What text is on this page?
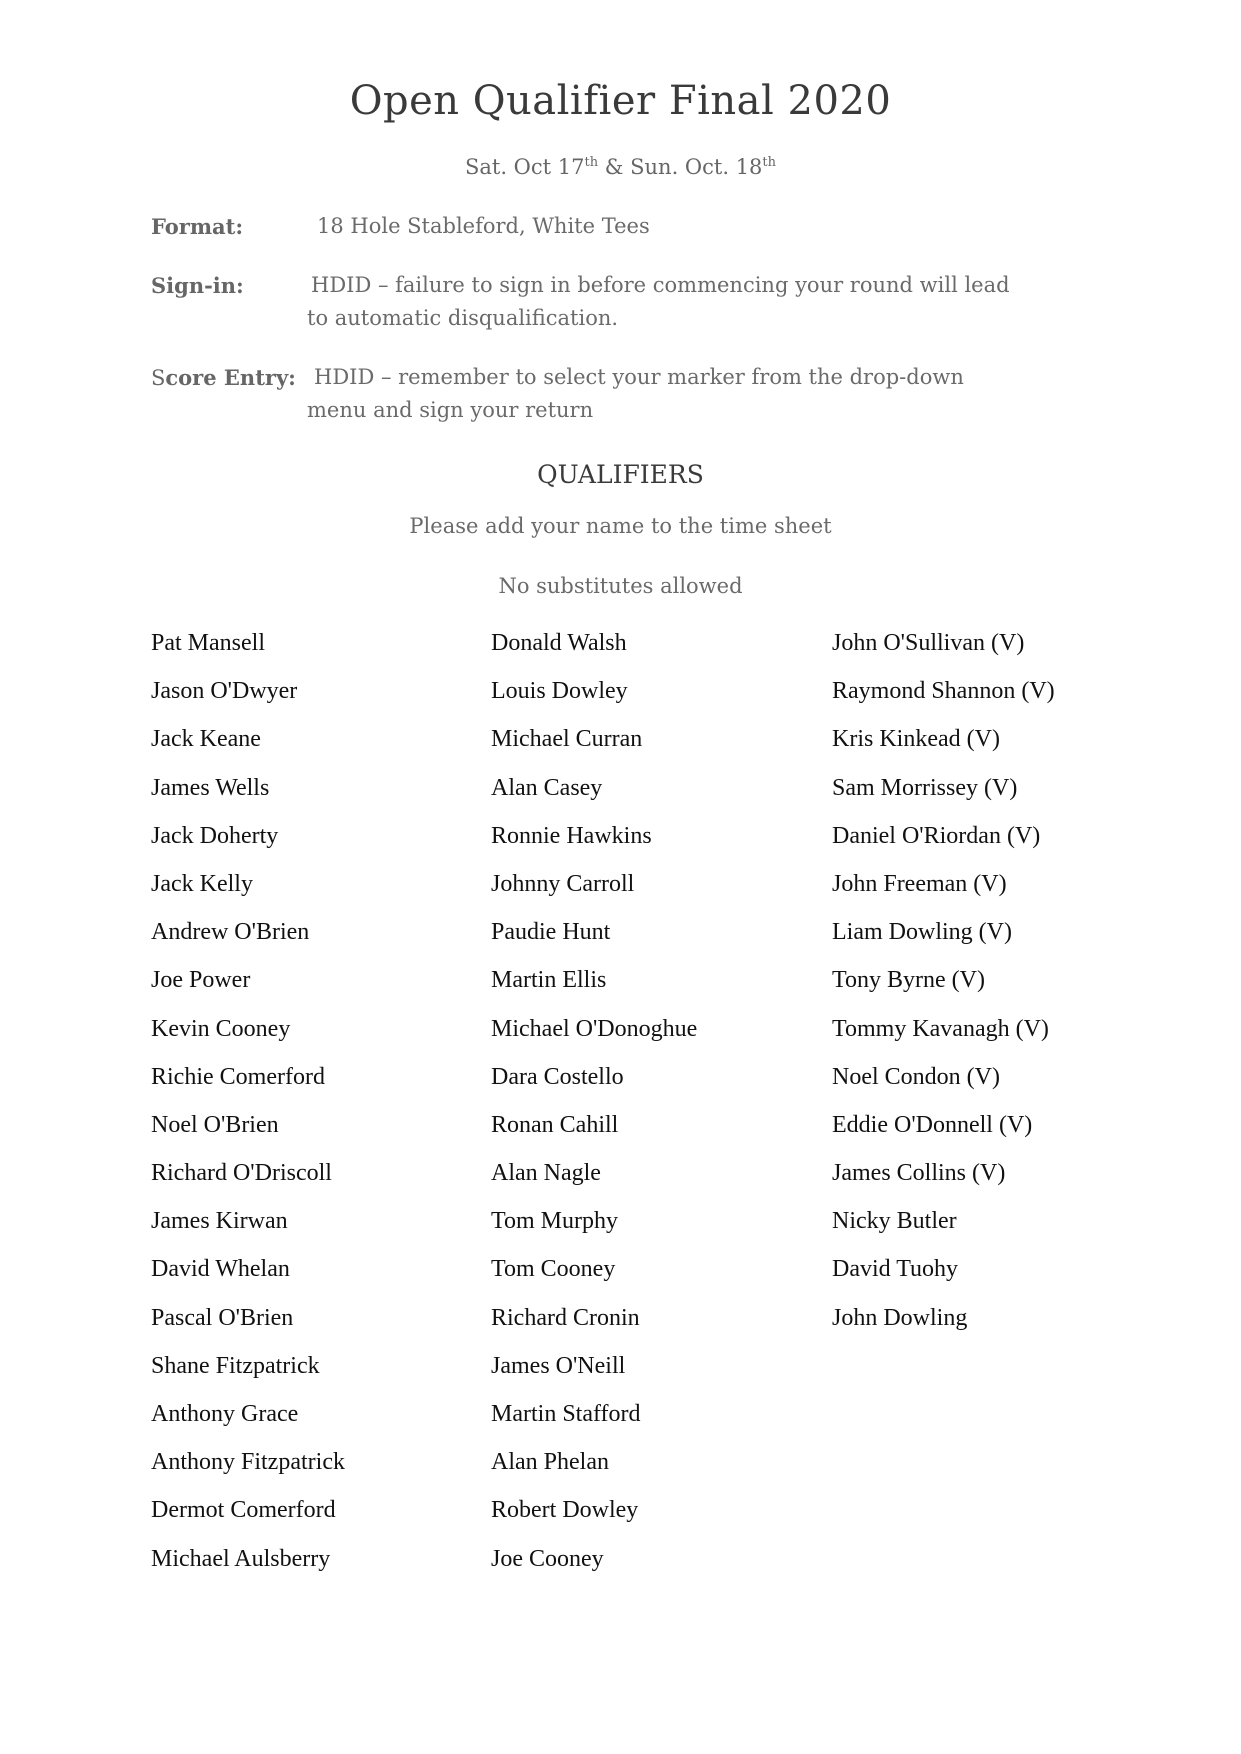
Open Qualifier Final 2020
Sat. Oct 17th & Sun. Oct. 18th
Format:	18 Hole Stableford, White Tees
Sign-in:	HDID – failure to sign in before commencing your round will lead
to automatic disqualification.
Score Entry: HDID – remember to select your marker from the drop-down
menu and sign your return
QUALIFIERS
Please add your name to the time sheet
No substitutes allowed
Pat Mansell
Jason O'Dwyer
Jack Keane
James Wells
Jack Doherty
Jack Kelly
Andrew O'Brien
Joe Power
Kevin Cooney
Richie Comerford
Noel O'Brien
Richard O'Driscoll
James Kirwan
David Whelan
Pascal O'Brien
Shane Fitzpatrick
Anthony Grace
Anthony Fitzpatrick
Dermot Comerford
Michael Aulsberry
Donald Walsh
Louis Dowley
Michael Curran
Alan Casey
Ronnie Hawkins
Johnny Carroll
Paudie Hunt
Martin Ellis
Michael O'Donoghue
Dara Costello
Ronan Cahill
Alan Nagle
Tom Murphy
Tom Cooney
Richard Cronin
James O'Neill
Martin Stafford
Alan Phelan
Robert Dowley
Joe Cooney
John O'Sullivan (V)
Raymond Shannon (V)
Kris Kinkead (V)
Sam Morrissey (V)
Daniel O'Riordan (V)
John Freeman (V)
Liam Dowling (V)
Tony Byrne (V)
Tommy Kavanagh (V)
Noel Condon (V)
Eddie O'Donnell (V)
James Collins (V)
Nicky Butler
David Tuohy
John Dowling
